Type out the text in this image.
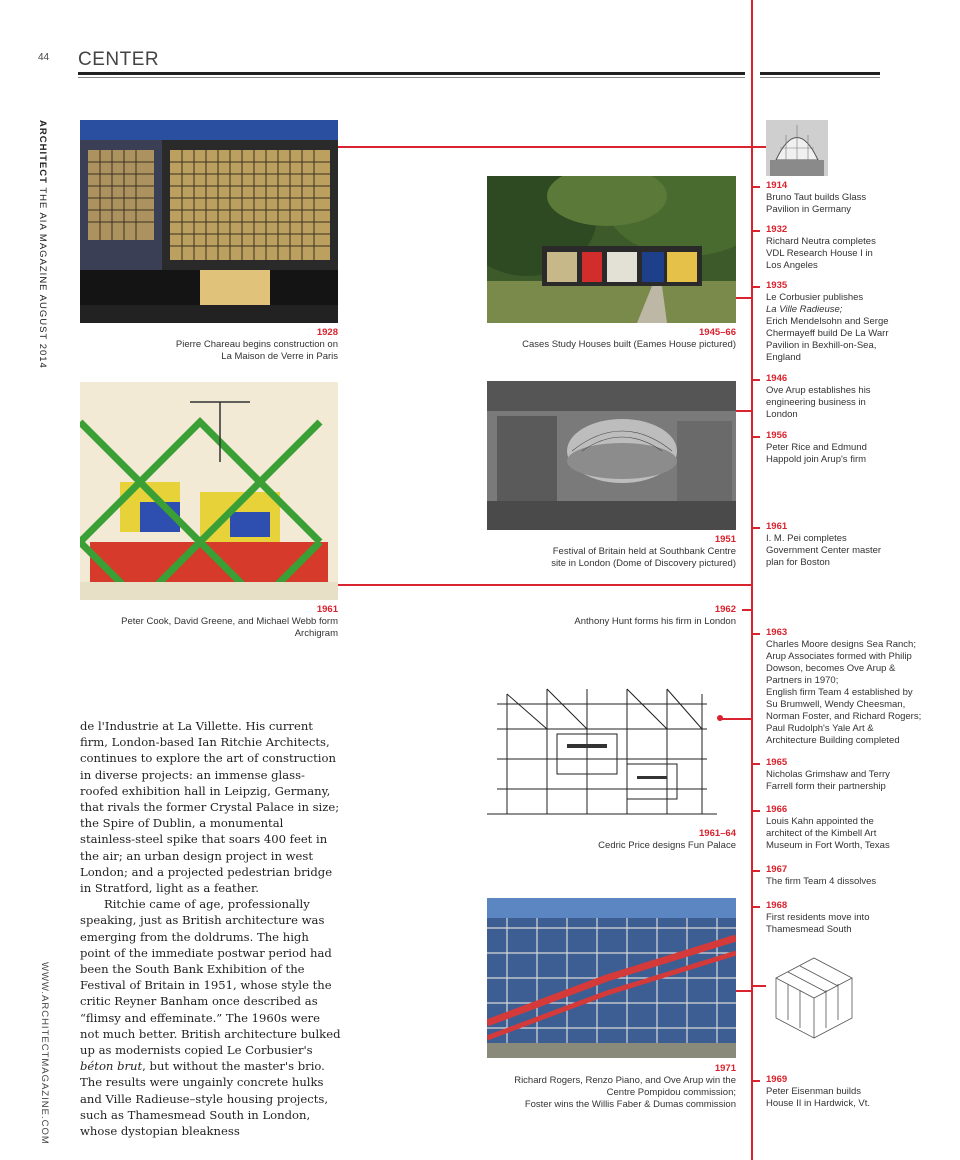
44 CENTER
ARCHITECT THE AIA MAGAZINE AUGUST 2014
WWW.ARCHITECTMAGAZINE.COM
1928
Pierre Chareau begins construction on
La Maison de Verre in Paris
1945–66
Cases Study Houses built (Eames House pictured)
1961
Peter Cook, David Greene, and Michael Webb form Archigram
1951
Festival of Britain held at Southbank Centre
site in London (Dome of Discovery pictured)
1962
Anthony Hunt forms his firm in London
1961–64
Cedric Price designs Fun Palace
1971
Richard Rogers, Renzo Piano, and Ove Arup win the
Centre Pompidou commission;
Foster wins the Willis Faber & Dumas commission
1914
Bruno Taut builds Glass
Pavilion in Germany
1932
Richard Neutra completes
VDL Research House I in
Los Angeles
1935
Le Corbusier publishes
La Ville Radieuse;
Erich Mendelsohn and Serge
Chermayeff build De La Warr
Pavilion in Bexhill-on-Sea,
England
1946
Ove Arup establishes his
engineering business in
London
1956
Peter Rice and Edmund
Happold join Arup's firm
1961
I. M. Pei completes
Government Center master
plan for Boston
1963
Charles Moore designs Sea Ranch;
Arup Associates formed with Philip
Dowson, becomes Ove Arup &
Partners in 1970;
English firm Team 4 established by
Su Brumwell, Wendy Cheesman,
Norman Foster, and Richard Rogers;
Paul Rudolph's Yale Art &
Architecture Building completed
1965
Nicholas Grimshaw and Terry
Farrell form their partnership
1966
Louis Kahn appointed the
architect of the Kimbell Art
Museum in Fort Worth, Texas
1967
The firm Team 4 dissolves
1968
First residents move into
Thamesmead South
1969
Peter Eisenman builds
House II in Hardwick, Vt.

de l'Industrie at La Villette. His current firm, London-based Ian Ritchie Architects, continues to explore the art of construction in diverse projects: an immense glass-roofed exhibition hall in Leipzig, Germany, that rivals the former Crystal Palace in size; the Spire of Dublin, a monumental stainless-steel spike that soars 400 feet in the air; an urban design project in west London; and a projected pedestrian bridge in Stratford, light as a feather.

Ritchie came of age, professionally speaking, just as British architecture was emerging from the doldrums. The high point of the immediate postwar period had been the South Bank Exhibition of the Festival of Britain in 1951, whose style the critic Reyner Banham once described as “flimsy and effeminate.” The 1960s were not much better. British architecture bulked up as modernists copied Le Corbusier's béton brut, but without the master's brio. The results were ungainly concrete hulks and Ville Radieuse–style housing projects, such as Thamesmead South in London, whose dystopian bleakness
